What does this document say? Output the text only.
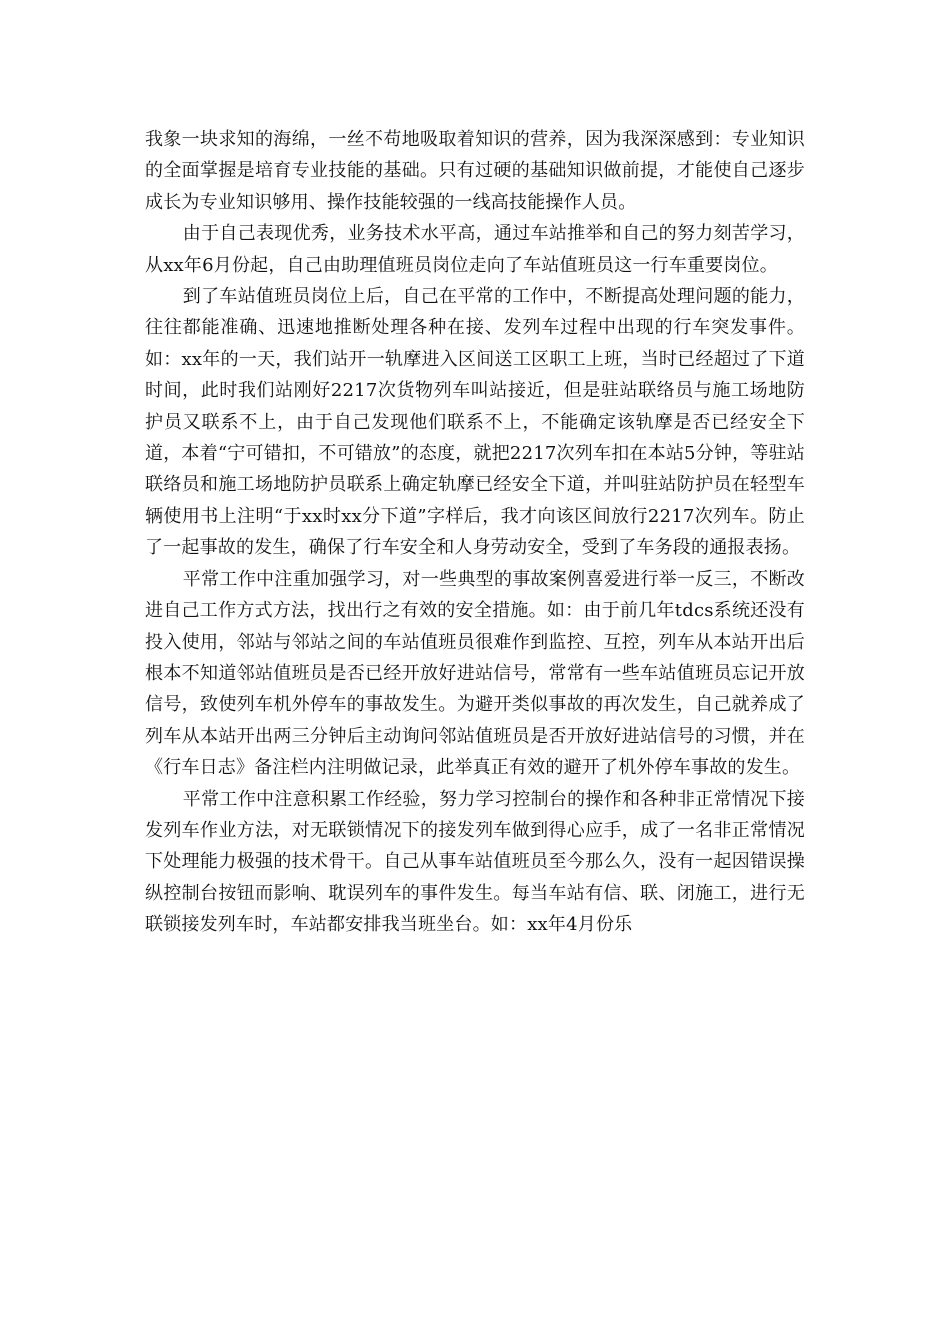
我象一块求知的海绵，一丝不苟地吸取着知识的营养，因为我深深感到：专业知识的全面掌握是培育专业技能的基础。只有过硬的基础知识做前提，才能使自己逐步成长为专业知识够用、操作技能较强的一线高技能操作人员。

由于自己表现优秀，业务技术水平高，通过车站推举和自己的努力刻苦学习，从xx年6月份起，自己由助理值班员岗位走向了车站值班员这一行车重要岗位。

到了车站值班员岗位上后，自己在平常的工作中，不断提高处理问题的能力，往往都能准确、迅速地推断处理各种在接、发列车过程中出现的行车突发事件。如：xx年的一天，我们站开一轨摩进入区间送工区职工上班，当时已经超过了下道时间，此时我们站刚好2217次货物列车叫站接近，但是驻站联络员与施工场地防护员又联系不上，由于自己发现他们联系不上，不能确定该轨摩是否已经安全下道，本着“宁可错扣，不可错放”的态度，就把2217次列车扣在本站5分钟，等驻站联络员和施工场地防护员联系上确定轨摩已经安全下道，并叫驻站防护员在轻型车辆使用书上注明“于xx时xx分下道”字样后，我才向该区间放行2217次列车。防止了一起事故的发生，确保了行车安全和人身劳动安全，受到了车务段的通报表扬。

平常工作中注重加强学习，对一些典型的事故案例喜爱进行举一反三，不断改进自己工作方式方法，找出行之有效的安全措施。如：由于前几年tdcs系统还没有投入使用，邻站与邻站之间的车站值班员很难作到监控、互控，列车从本站开出后根本不知道邻站值班员是否已经开放好进站信号，常常有一些车站值班员忘记开放信号，致使列车机外停车的事故发生。为避开类似事故的再次发生，自己就养成了列车从本站开出两三分钟后主动询问邻站值班员是否开放好进站信号的习惯，并在《行车日志》备注栏内注明做记录，此举真正有效的避开了机外停车事故的发生。

平常工作中注意积累工作经验，努力学习控制台的操作和各种非正常情况下接发列车作业方法，对无联锁情况下的接发列车做到得心应手，成了一名非正常情况下处理能力极强的技术骨干。自己从事车站值班员至今那么久，没有一起因错误操纵控制台按钮而影响、耽误列车的事件发生。每当车站有信、联、闭施工，进行无联锁接发列车时，车站都安排我当班坐台。如：xx年4月份乐
